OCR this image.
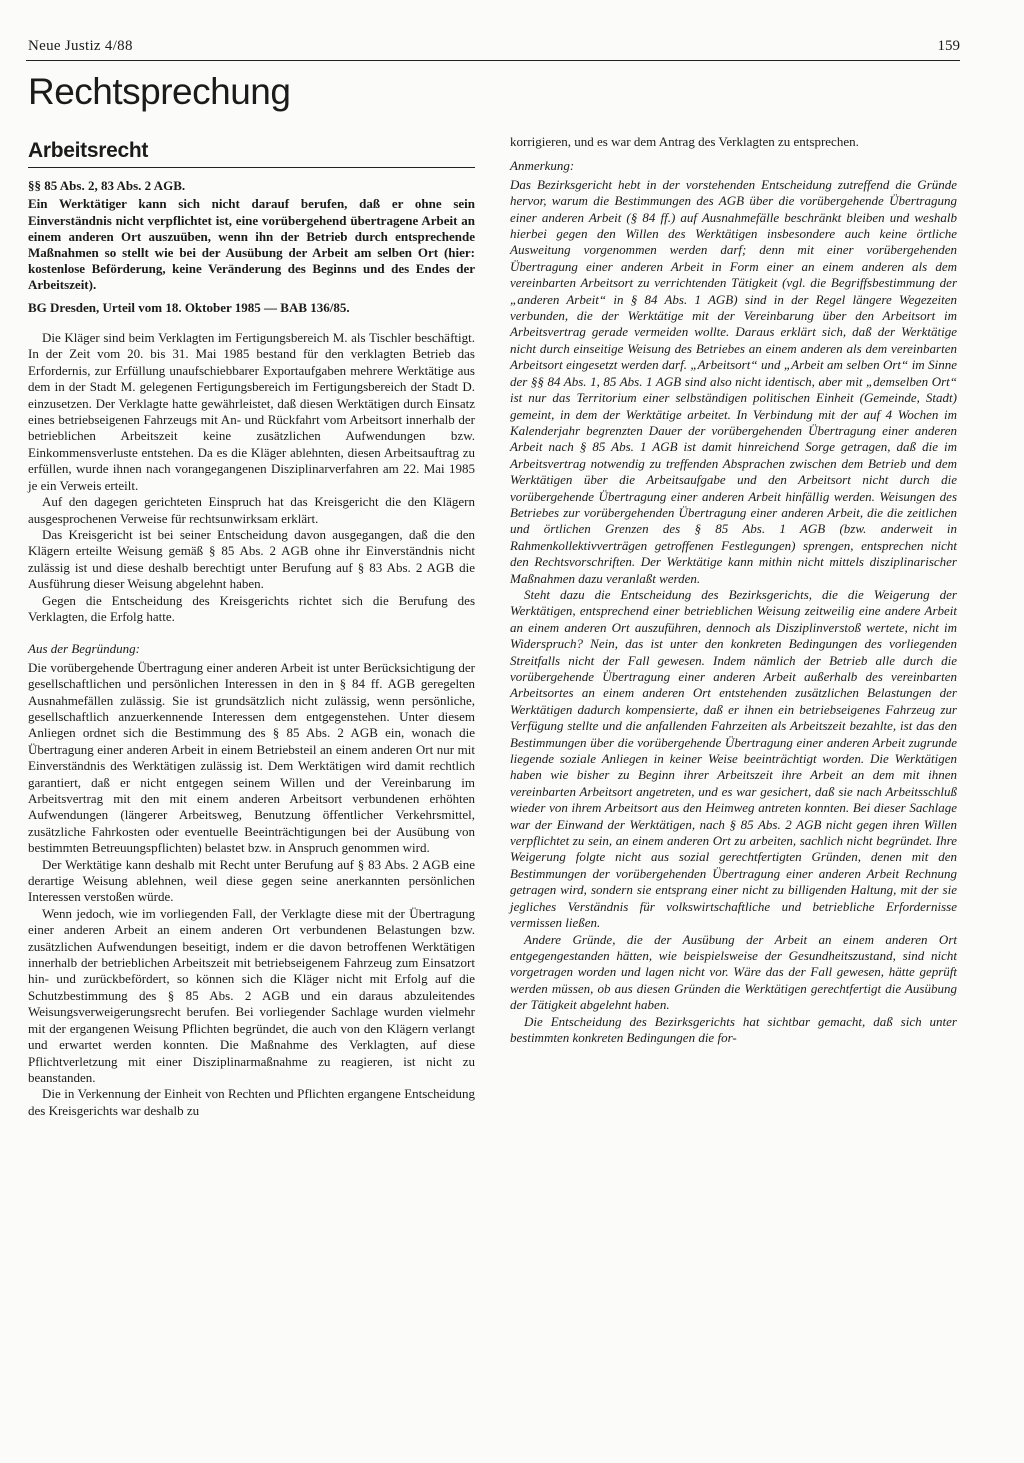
Neue Justiz 4/88	159
Rechtsprechung
Arbeitsrecht

§§ 85 Abs. 2, 83 Abs. 2 AGB.

Ein Werktätiger kann sich nicht darauf berufen, daß er ohne sein Einverständnis nicht verpflichtet ist, eine vorübergehend übertragene Arbeit an einem anderen Ort auszuüben, wenn ihn der Betrieb durch entsprechende Maßnahmen so stellt wie bei der Ausübung der Arbeit am selben Ort (hier: kostenlose Beförderung, keine Veränderung des Beginns und des Endes der Arbeitszeit).

BG Dresden, Urteil vom 18. Oktober 1985 — BAB 136/85.

Die Kläger sind beim Verklagten im Fertigungsbereich M. als Tischler beschäftigt. In der Zeit vom 20. bis 31. Mai 1985 bestand für den verklagten Betrieb das Erfordernis, zur Erfüllung unaufschiebbarer Exportaufgaben mehrere Werktätige aus dem in der Stadt M. gelegenen Fertigungsbereich im Fertigungsbereich der Stadt D. einzusetzen. Der Verklagte hatte gewährleistet, daß diesen Werktätigen durch Einsatz eines betriebseigenen Fahrzeugs mit An- und Rückfahrt vom Arbeitsort innerhalb der betrieblichen Arbeitszeit keine zusätzlichen Aufwendungen bzw. Einkommensverluste entstehen. Da es die Kläger ablehnten, diesen Arbeitsauftrag zu erfüllen, wurde ihnen nach vorangegangenen Disziplinarverfahren am 22. Mai 1985 je ein Verweis erteilt.

Auf den dagegen gerichteten Einspruch hat das Kreisgericht die den Klägern ausgesprochenen Verweise für rechtsunwirksam erklärt.

Das Kreisgericht ist bei seiner Entscheidung davon ausgegangen, daß die den Klägern erteilte Weisung gemäß § 85 Abs. 2 AGB ohne ihr Einverständnis nicht zulässig ist und diese deshalb berechtigt unter Berufung auf § 83 Abs. 2 AGB die Ausführung dieser Weisung abgelehnt haben.

Gegen die Entscheidung des Kreisgerichts richtet sich die Berufung des Verklagten, die Erfolg hatte.

Aus der Begründung:

Die vorübergehende Übertragung einer anderen Arbeit ist unter Berücksichtigung der gesellschaftlichen und persönlichen Interessen in den in § 84 ff. AGB geregelten Ausnahmefällen zulässig. Sie ist grundsätzlich nicht zulässig, wenn persönliche, gesellschaftlich anzuerkennende Interessen dem entgegenstehen. Unter diesem Anliegen ordnet sich die Bestimmung des § 85 Abs. 2 AGB ein, wonach die Übertragung einer anderen Arbeit in einem Betriebsteil an einem anderen Ort nur mit Einverständnis des Werktätigen zulässig ist. Dem Werktätigen wird damit rechtlich garantiert, daß er nicht entgegen seinem Willen und der Vereinbarung im Arbeitsvertrag mit den mit einem anderen Arbeitsort verbundenen erhöhten Aufwendungen (längerer Arbeitsweg, Benutzung öffentlicher Verkehrsmittel, zusätzliche Fahrkosten oder eventuelle Beeinträchtigungen bei der Ausübung von bestimmten Betreuungspflichten) belastet bzw. in Anspruch genommen wird.

Der Werktätige kann deshalb mit Recht unter Berufung auf § 83 Abs. 2 AGB eine derartige Weisung ablehnen, weil diese gegen seine anerkannten persönlichen Interessen verstoßen würde.

Wenn jedoch, wie im vorliegenden Fall, der Verklagte diese mit der Übertragung einer anderen Arbeit an einem anderen Ort verbundenen Belastungen bzw. zusätzlichen Aufwendungen beseitigt, indem er die davon betroffenen Werktätigen innerhalb der betrieblichen Arbeitszeit mit betriebseigenem Fahrzeug zum Einsatzort hin- und zurückbefördert, so können sich die Kläger nicht mit Erfolg auf die Schutzbestimmung des § 85 Abs. 2 AGB und ein daraus abzuleitendes Weisungsverweigerungsrecht berufen. Bei vorliegender Sachlage wurden vielmehr mit der ergangenen Weisung Pflichten begründet, die auch von den Klägern verlangt und erwartet werden konnten. Die Maßnahme des Verklagten, auf diese Pflichtverletzung mit einer Disziplinarmaßnahme zu reagieren, ist nicht zu beanstanden.

Die in Verkennung der Einheit von Rechten und Pflichten ergangene Entscheidung des Kreisgerichts war deshalb zu

korrigieren, und es war dem Antrag des Verklagten zu entsprechen.

Anmerkung:

Das Bezirksgericht hebt in der vorstehenden Entscheidung zutreffend die Gründe hervor, warum die Bestimmungen des AGB über die vorübergehende Übertragung einer anderen Arbeit (§ 84 ff.) auf Ausnahmefälle beschränkt bleiben und weshalb hierbei gegen den Willen des Werktätigen insbesondere auch keine örtliche Ausweitung vorgenommen werden darf; denn mit einer vorübergehenden Übertragung einer anderen Arbeit in Form einer an einem anderen als dem vereinbarten Arbeitsort zu verrichtenden Tätigkeit (vgl. die Begriffsbestimmung der „anderen Arbeit“ in § 84 Abs. 1 AGB) sind in der Regel längere Wegezeiten verbunden, die der Werktätige mit der Vereinbarung über den Arbeitsort im Arbeitsvertrag gerade vermeiden wollte. Daraus erklärt sich, daß der Werktätige nicht durch einseitige Weisung des Betriebes an einem anderen als dem vereinbarten Arbeitsort eingesetzt werden darf. „Arbeitsort“ und „Arbeit am selben Ort“ im Sinne der §§ 84 Abs. 1, 85 Abs. 1 AGB sind also nicht identisch, aber mit „demselben Ort“ ist nur das Territorium einer selbständigen politischen Einheit (Gemeinde, Stadt) gemeint, in dem der Werktätige arbeitet. In Verbindung mit der auf 4 Wochen im Kalenderjahr begrenzten Dauer der vorübergehenden Übertragung einer anderen Arbeit nach § 85 Abs. 1 AGB ist damit hinreichend Sorge getragen, daß die im Arbeitsvertrag notwendig zu treffenden Absprachen zwischen dem Betrieb und dem Werktätigen über die Arbeitsaufgabe und den Arbeitsort nicht durch die vorübergehende Übertragung einer anderen Arbeit hinfällig werden. Weisungen des Betriebes zur vorübergehenden Übertragung einer anderen Arbeit, die die zeitlichen und örtlichen Grenzen des § 85 Abs. 1 AGB (bzw. anderweit in Rahmenkollektivverträgen getroffenen Festlegungen) sprengen, entsprechen nicht den Rechtsvorschriften. Der Werktätige kann mithin nicht mittels disziplinarischer Maßnahmen dazu veranlaßt werden.

Steht dazu die Entscheidung des Bezirksgerichts, die die Weigerung der Werktätigen, entsprechend einer betrieblichen Weisung zeitweilig eine andere Arbeit an einem anderen Ort auszuführen, dennoch als Disziplinverstoß wertete, nicht im Widerspruch? Nein, das ist unter den konkreten Bedingungen des vorliegenden Streitfalls nicht der Fall gewesen. Indem nämlich der Betrieb alle durch die vorübergehende Übertragung einer anderen Arbeit außerhalb des vereinbarten Arbeitsortes an einem anderen Ort entstehenden zusätzlichen Belastungen der Werktätigen dadurch kompensierte, daß er ihnen ein betriebseigenes Fahrzeug zur Verfügung stellte und die anfallenden Fahrzeiten als Arbeitszeit bezahlte, ist das den Bestimmungen über die vorübergehende Übertragung einer anderen Arbeit zugrunde liegende soziale Anliegen in keiner Weise beeinträchtigt worden. Die Werktätigen haben wie bisher zu Beginn ihrer Arbeitszeit ihre Arbeit an dem mit ihnen vereinbarten Arbeitsort angetreten, und es war gesichert, daß sie nach Arbeitsschluß wieder von ihrem Arbeitsort aus den Heimweg antreten konnten. Bei dieser Sachlage war der Einwand der Werktätigen, nach § 85 Abs. 2 AGB nicht gegen ihren Willen verpflichtet zu sein, an einem anderen Ort zu arbeiten, sachlich nicht begründet. Ihre Weigerung folgte nicht aus sozial gerechtfertigten Gründen, denen mit den Bestimmungen der vorübergehenden Übertragung einer anderen Arbeit Rechnung getragen wird, sondern sie entsprang einer nicht zu billigenden Haltung, mit der sie jegliches Verständnis für volkswirtschaftliche und betriebliche Erfordernisse vermissen ließen.

Andere Gründe, die der Ausübung der Arbeit an einem anderen Ort entgegengestanden hätten, wie beispielsweise der Gesundheitszustand, sind nicht vorgetragen worden und lagen nicht vor. Wäre das der Fall gewesen, hätte geprüft werden müssen, ob aus diesen Gründen die Werktätigen gerechtfertigt die Ausübung der Tätigkeit abgelehnt haben.

Die Entscheidung des Bezirksgerichts hat sichtbar gemacht, daß sich unter bestimmten konkreten Bedingungen die for-
